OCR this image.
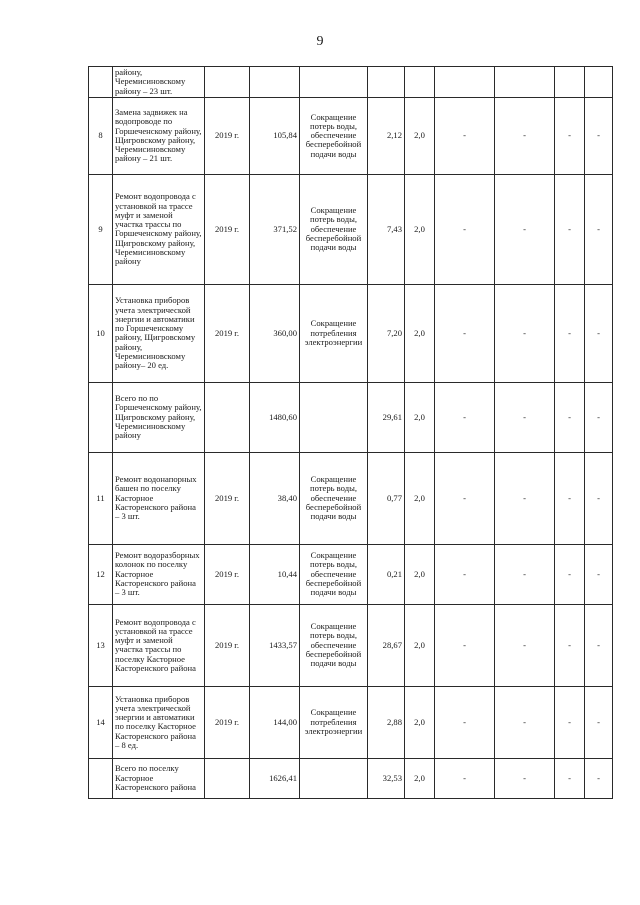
9
	району, Черемисиновскому району – 23 шт.									
8	Замена задвижек на водопроводе по Горшеченскому району, Щигровскому району, Черемисиновскому району – 21 шт.	2019 г.	105,84	Сокращение потерь воды, обеспечение бесперебойной подачи воды	2,12	2,0	-	-	-	-
9	Ремонт водопровода с установкой на трассе муфт и заменой участка трассы по Горшеченскому району, Щигровскому району, Черемисиновскому району	2019 г.	371,52	Сокращение потерь воды, обеспечение бесперебойной подачи воды	7,43	2,0	-	-	-	-
10	Установка приборов учета электрической энергии и автоматики по Горшеченскому району, Щигровскому району, Черемисиновскому району– 20 ед.	2019 г.	360,00	Сокращение потребления электроэнергии	7,20	2,0	-	-	-	-
	Всего по по Горшеченскому району, Щигровскому району, Черемисиновскому району		1480,60		29,61	2,0	-	-	-	-
11	Ремонт водонапорных башен по поселку Касторное Касторенского района – 3 шт.	2019 г.	38,40	Сокращение потерь воды, обеспечение бесперебойной подачи воды	0,77	2,0	-	-	-	-
12	Ремонт водоразборных колонок по поселку Касторное Касторенского района – 3 шт.	2019 г.	10,44	Сокращение потерь воды, обеспечение бесперебойной подачи воды	0,21	2,0	-	-	-	-
13	Ремонт водопровода с установкой на трассе муфт и заменой участка трассы по поселку Касторное Касторенского района	2019 г.	1433,57	Сокращение потерь воды, обеспечение бесперебойной подачи воды	28,67	2,0	-	-	-	-
14	Установка приборов учета электрической энергии и автоматики по поселку Касторное Касторенского района – 8 ед.	2019 г.	144,00	Сокращение потребления электроэнергии	2,88	2,0	-	-	-	-
	Всего по поселку Касторное Касторенского района		1626,41		32,53	2,0	-	-	-	-
